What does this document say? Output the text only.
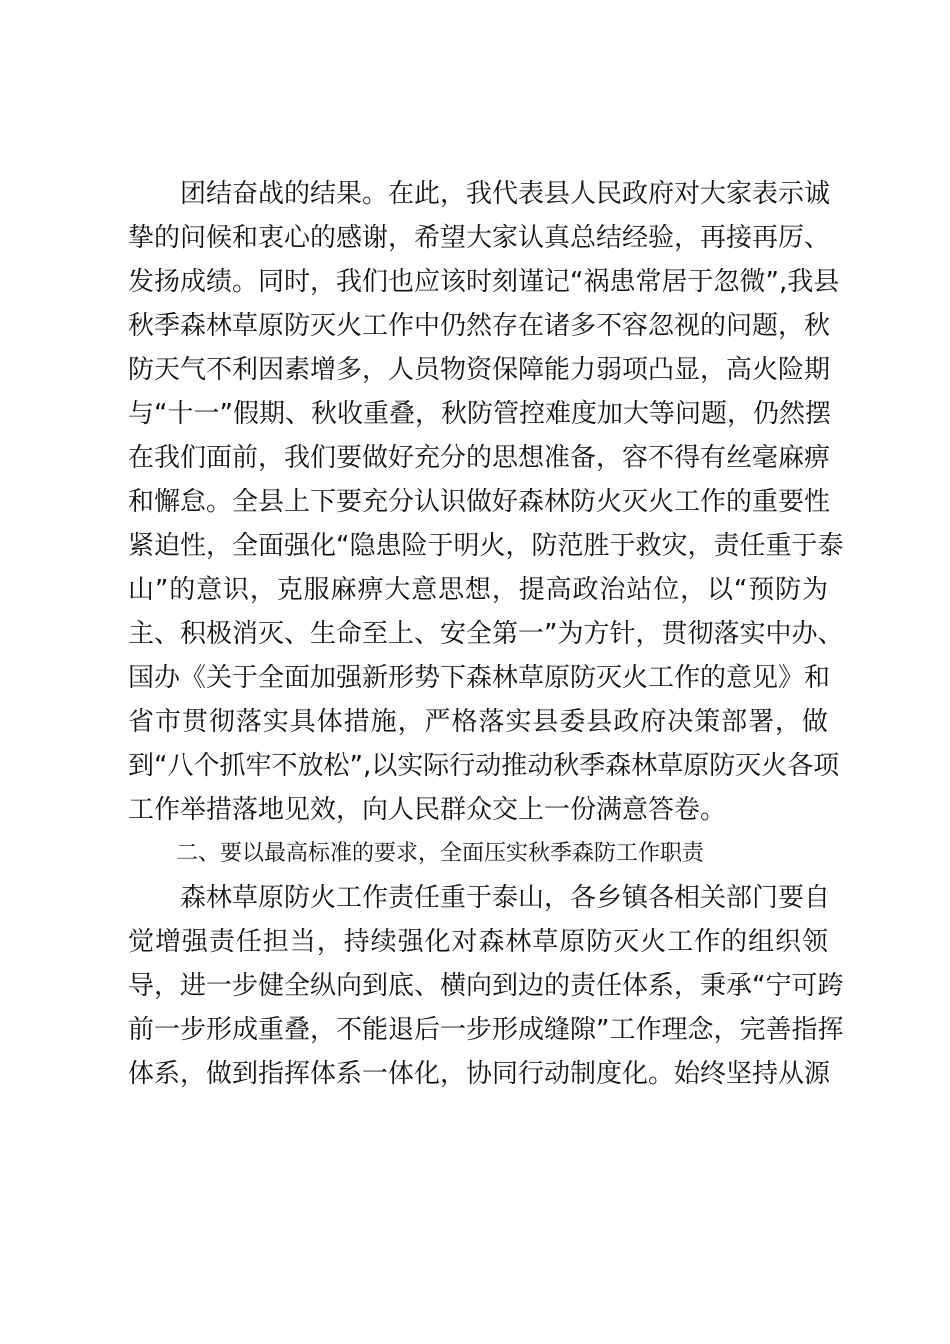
团结奋战的结果。在此，我代表县人民政府对大家表示诚
挚的问候和衷心的感谢，希望大家认真总结经验，再接再厉、
发扬成绩。同时，我们也应该时刻谨记“祸患常居于忽微”,我县
秋季森林草原防灭火工作中仍然存在诸多不容忽视的问题，秋
防天气不利因素增多，人员物资保障能力弱项凸显，高火险期
与“十一”假期、秋收重叠，秋防管控难度加大等问题，仍然摆
在我们面前，我们要做好充分的思想准备，容不得有丝毫麻痹
和懈怠。全县上下要充分认识做好森林防火灭火工作的重要性
紧迫性，全面强化“隐患险于明火，防范胜于救灾，责任重于泰
山”的意识，克服麻痹大意思想，提高政治站位，以“预防为
主、积极消灭、生命至上、安全第一”为方针，贯彻落实中办、
国办《关于全面加强新形势下森林草原防灭火工作的意见》和
省市贯彻落实具体措施，严格落实县委县政府决策部署，做
到“八个抓牢不放松”,以实际行动推动秋季森林草原防灭火各项
工作举措落地见效，向人民群众交上一份满意答卷。
二、要以最高标准的要求，全面压实秋季森防工作职责
森林草原防火工作责任重于泰山，各乡镇各相关部门要自
觉增强责任担当，持续强化对森林草原防灭火工作的组织领
导，进一步健全纵向到底、横向到边的责任体系，秉承“宁可跨
前一步形成重叠，不能退后一步形成缝隙”工作理念，完善指挥
体系，做到指挥体系一体化，协同行动制度化。始终坚持从源
